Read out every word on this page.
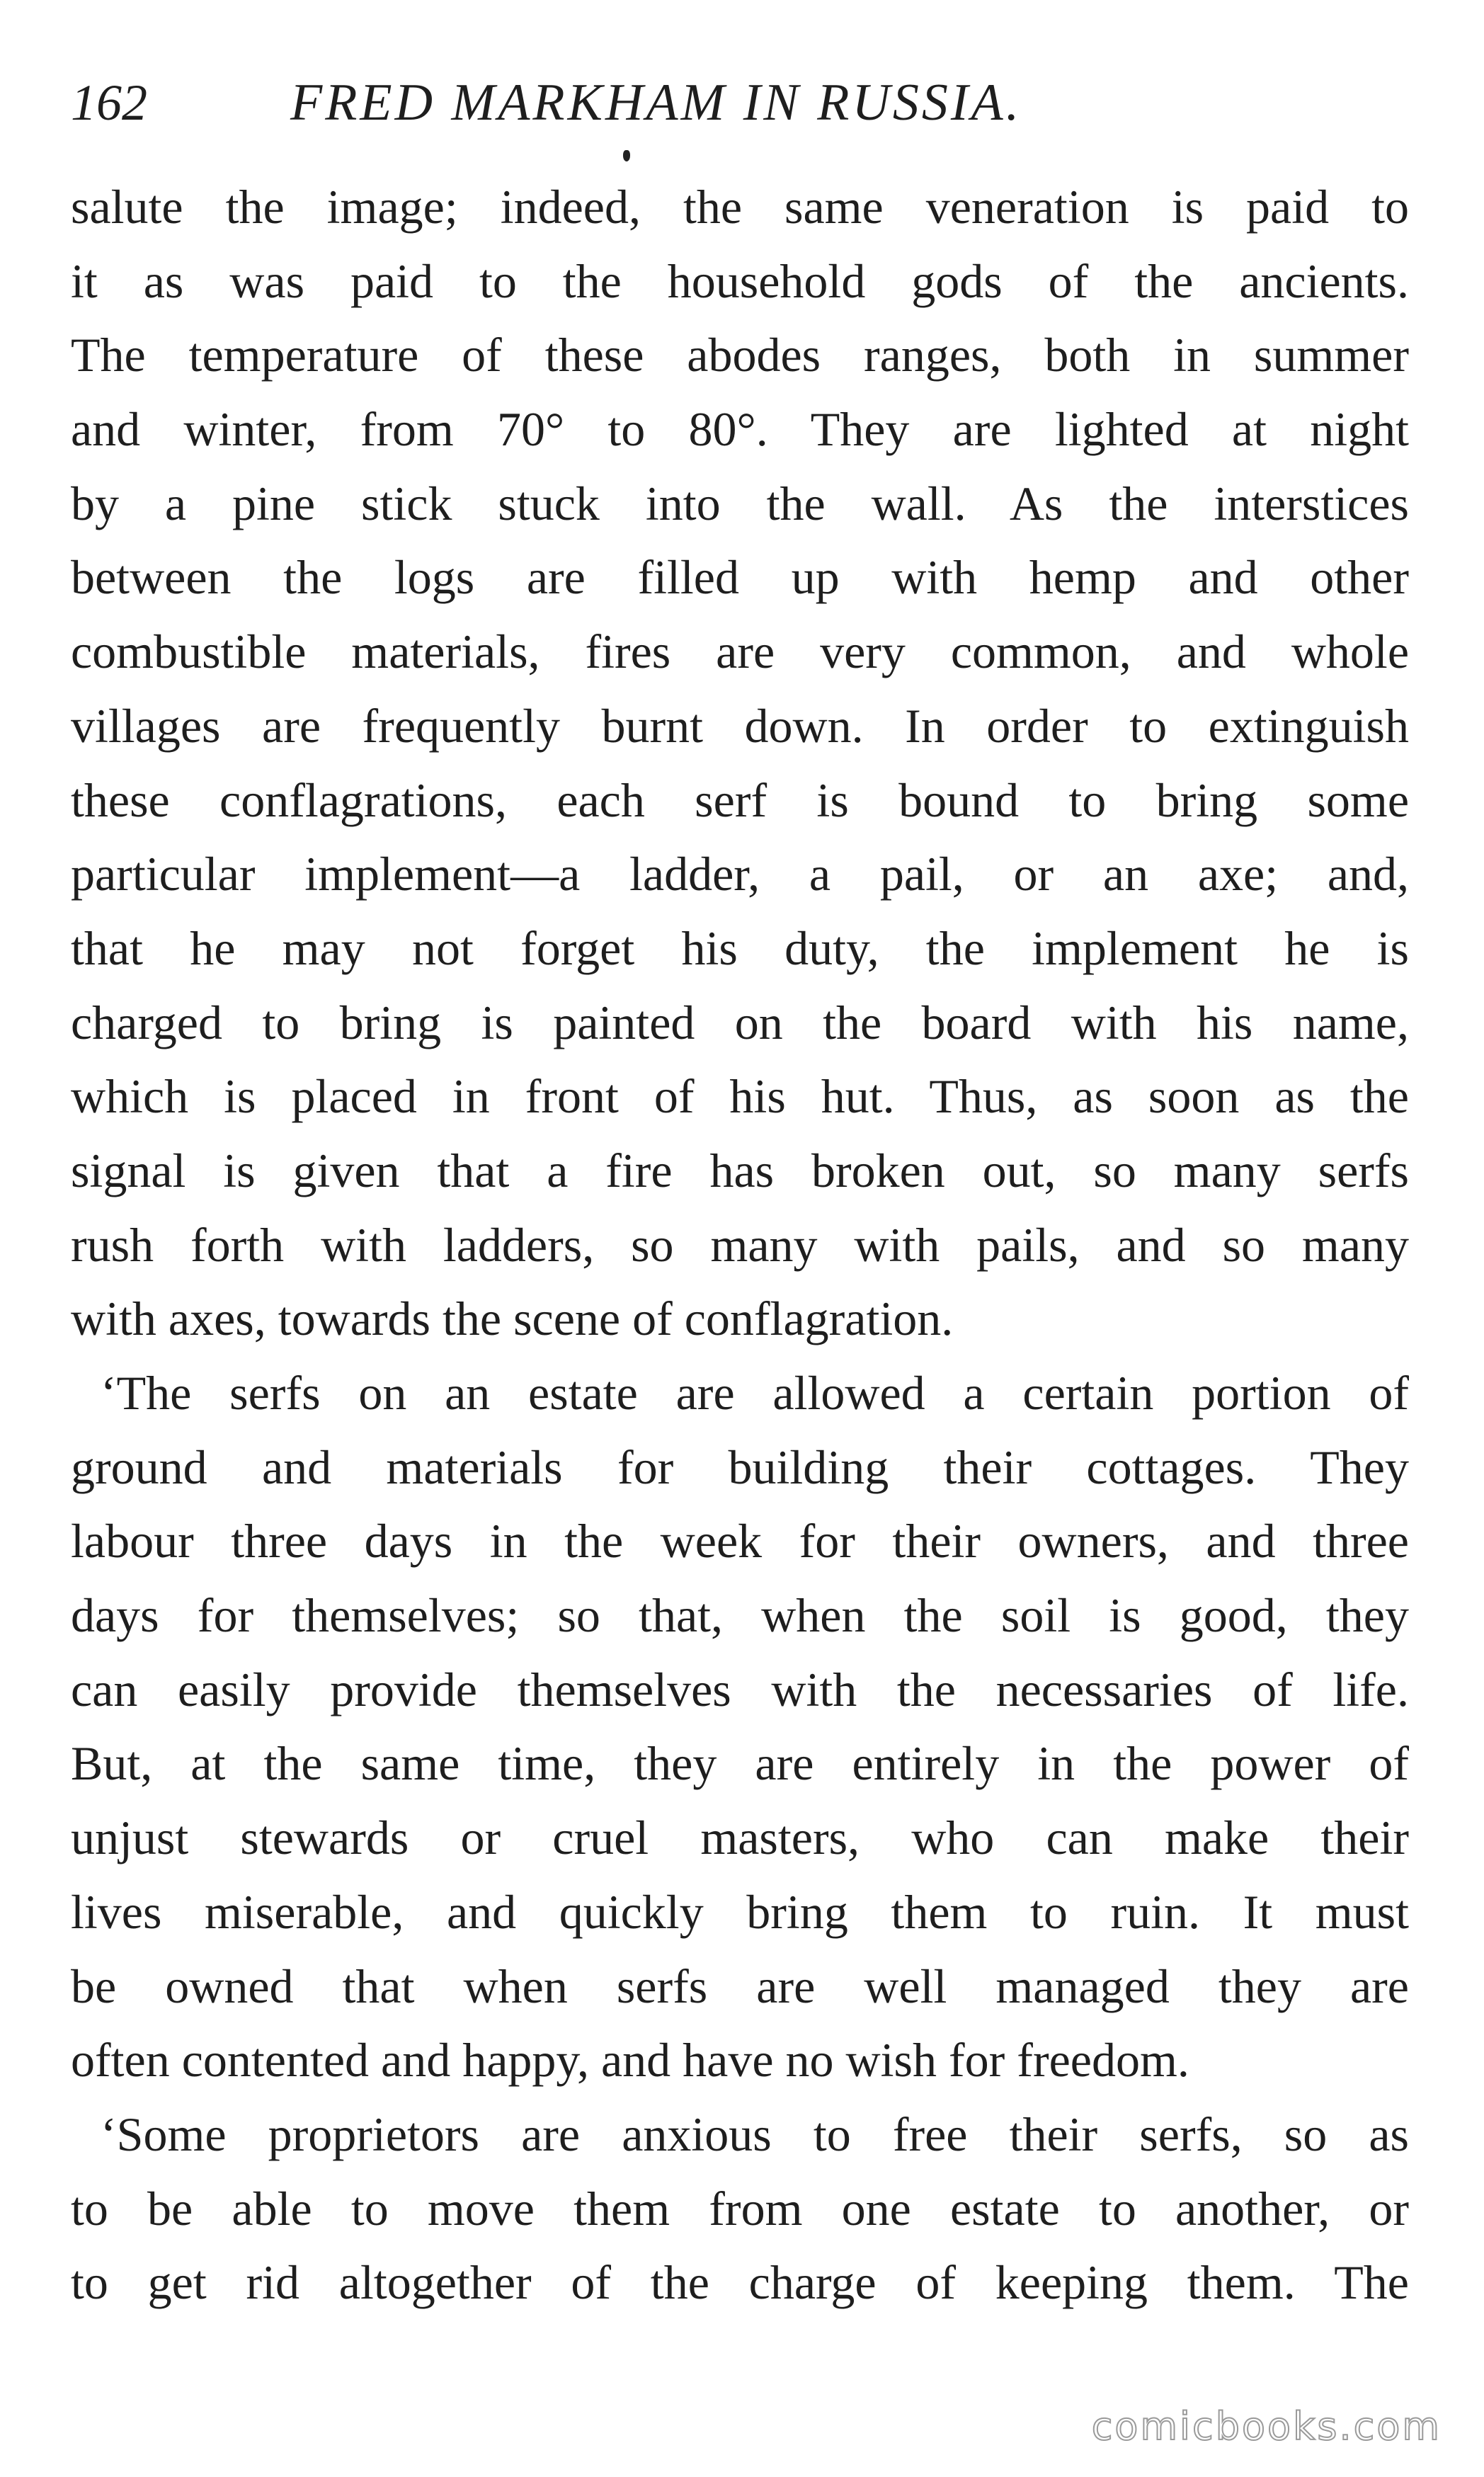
162	FRED MARKHAM IN RUSSIA.
salute the image; indeed, the same veneration is paid to
it as was paid to the household gods of the ancients.
The temperature of these abodes ranges, both in summer
and winter, from 70° to 80°. They are lighted at night
by a pine stick stuck into the wall. As the interstices
between the logs are filled up with hemp and other
combustible materials, fires are very common, and whole
villages are frequently burnt down. In order to extinguish
these conflagrations, each serf is bound to bring some
particular implement—a ladder, a pail, or an axe; and,
that he may not forget his duty, the implement he is
charged to bring is painted on the board with his name,
which is placed in front of his hut. Thus, as soon as the
signal is given that a fire has broken out, so many serfs
rush forth with ladders, so many with pails, and so many
with axes, towards the scene of conflagration.
‘The serfs on an estate are allowed a certain portion of
ground and materials for building their cottages. They
labour three days in the week for their owners, and three
days for themselves; so that, when the soil is good, they
can easily provide themselves with the necessaries of life.
But, at the same time, they are entirely in the power of
unjust stewards or cruel masters, who can make their
lives miserable, and quickly bring them to ruin. It must
be owned that when serfs are well managed they are
often contented and happy, and have no wish for freedom.
‘Some proprietors are anxious to free their serfs, so as
to be able to move them from one estate to another, or
to get rid altogether of the charge of keeping them. The
comicbooks.com
